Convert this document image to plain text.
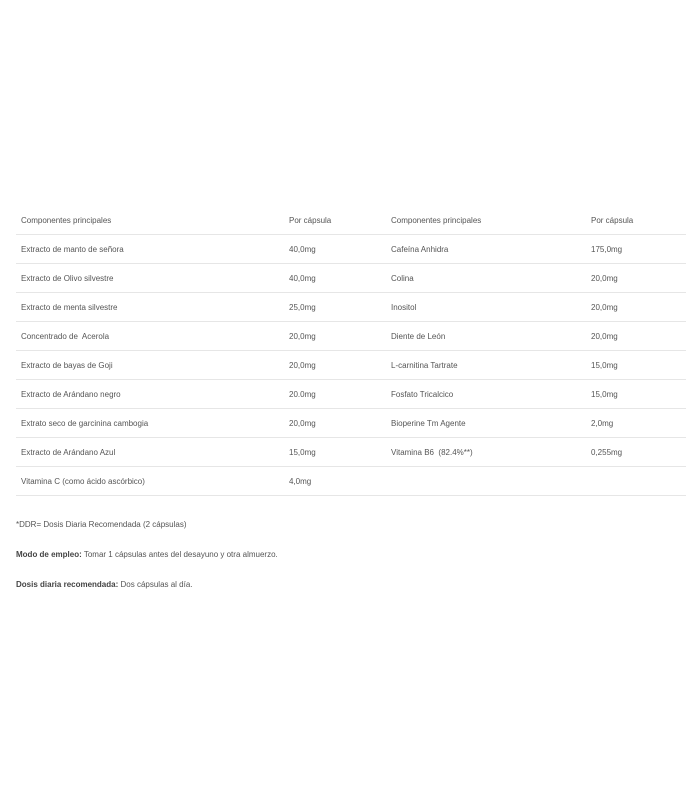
Componentes principales	Por cápsula	Componentes principales	Por cápsula
Extracto de manto de señora	40,0mg	Cafeína Anhidra	175,0mg
Extracto de Olivo silvestre	40,0mg	Colina	20,0mg
Extracto de menta silvestre	25,0mg	Inositol	20,0mg
Concentrado de  Acerola	20,0mg	Diente de León	20,0mg
Extracto de bayas de Goji	20,0mg	L-carnitina Tartrate	15,0mg
Extracto de Arándano negro	20.0mg	Fosfato Tricalcico	15,0mg
Extrato seco de garcinina cambogia	20,0mg	Bioperine Tm Agente	2,0mg
Extracto de Arándano Azul	15,0mg	Vitamina B6  (82.4%**)	0,255mg
Vitamina C (como ácido ascórbico)	4,0mg		

*DDR= Dosis Diaria Recomendada (2 cápsulas)

Modo de empleo: Tomar 1 cápsulas antes del desayuno y otra almuerzo.

Dosis diaria recomendada: Dos cápsulas al día.
